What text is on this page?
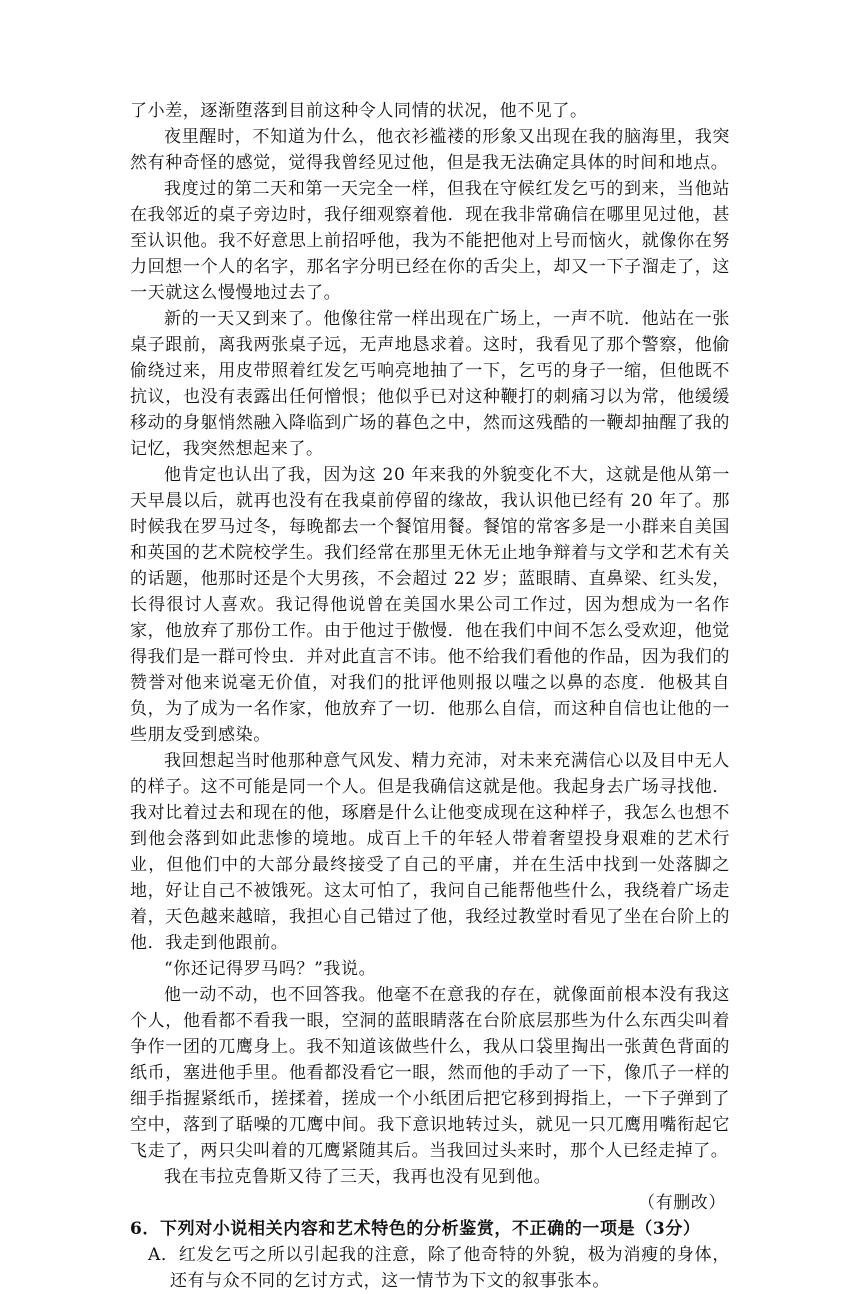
了小差，逐渐堕落到目前这种令人同情的状况，他不见了。

夜里醒时，不知道为什么，他衣衫褴褛的形象又出现在我的脑海里，我突然有种奇怪的感觉，觉得我曾经见过他，但是我无法确定具体的时间和地点。

我度过的第二天和第一天完全一样，但我在守候红发乞丐的到来，当他站在我邻近的桌子旁边时，我仔细观察着他．现在我非常确信在哪里见过他，甚至认识他。我不好意思上前招呼他，我为不能把他对上号而恼火，就像你在努力回想一个人的名字，那名字分明已经在你的舌尖上，却又一下子溜走了，这一天就这么慢慢地过去了。

新的一天又到来了。他像往常一样出现在广场上，一声不吭．他站在一张桌子跟前，离我两张桌子远，无声地恳求着。这时，我看见了那个警察，他偷偷绕过来，用皮带照着红发乞丐响亮地抽了一下，乞丐的身子一缩，但他既不抗议，也没有表露出任何憎恨；他似乎已对这种鞭打的刺痛习以为常，他缓缓移动的身躯悄然融入降临到广场的暮色之中，然而这残酷的一鞭却抽醒了我的记忆，我突然想起来了。

他肯定也认出了我，因为这 20 年来我的外貌变化不大，这就是他从第一天早晨以后，就再也没有在我桌前停留的缘故，我认识他已经有 20 年了。那时候我在罗马过冬，每晚都去一个餐馆用餐。餐馆的常客多是一小群来自美国和英国的艺术院校学生。我们经常在那里无休无止地争辩着与文学和艺术有关的话题，他那时还是个大男孩，不会超过 22 岁；蓝眼睛、直鼻梁、红头发，长得很讨人喜欢。我记得他说曾在美国水果公司工作过，因为想成为一名作家，他放弃了那份工作。由于他过于傲慢．他在我们中间不怎么受欢迎，他觉得我们是一群可怜虫．并对此直言不讳。他不给我们看他的作品，因为我们的赞誉对他来说毫无价值，对我们的批评他则报以嗤之以鼻的态度．他极其自负，为了成为一名作家，他放弃了一切．他那么自信，而这种自信也让他的一些朋友受到感染。

我回想起当时他那种意气风发、精力充沛，对未来充满信心以及目中无人的样子。这不可能是同一个人。但是我确信这就是他。我起身去广场寻找他．我对比着过去和现在的他，琢磨是什么让他变成现在这种样子，我怎么也想不到他会落到如此悲惨的境地。成百上千的年轻人带着奢望投身艰难的艺术行业，但他们中的大部分最终接受了自己的平庸，并在生活中找到一处落脚之地，好让自己不被饿死。这太可怕了，我问自己能帮他些什么，我绕着广场走着，天色越来越暗，我担心自己错过了他，我经过教堂时看见了坐在台阶上的他．我走到他跟前。

“你还记得罗马吗？”我说。

他一动不动，也不回答我。他毫不在意我的存在，就像面前根本没有我这个人，他看都不看我一眼，空洞的蓝眼睛落在台阶底层那些为什么东西尖叫着争作一团的兀鹰身上。我不知道该做些什么，我从口袋里掏出一张黄色背面的纸币，塞进他手里。他看都没看它一眼，然而他的手动了一下，像爪子一样的细手指握紧纸币，搓揉着，搓成一个小纸团后把它移到拇指上，一下子弹到了空中，落到了聒噪的兀鹰中间。我下意识地转过头，就见一只兀鹰用嘴衔起它飞走了，两只尖叫着的兀鹰紧随其后。当我回过头来时，那个人已经走掉了。

我在韦拉克鲁斯又待了三天，我再也没有见到他。

（有删改）

6．下列对小说相关内容和艺术特色的分析鉴赏，不正确的一项是（3分）

A．红发乞丐之所以引起我的注意，除了他奇特的外貌，极为消瘦的身体，还有与众不同的乞讨方式，这一情节为下文的叙事张本。
